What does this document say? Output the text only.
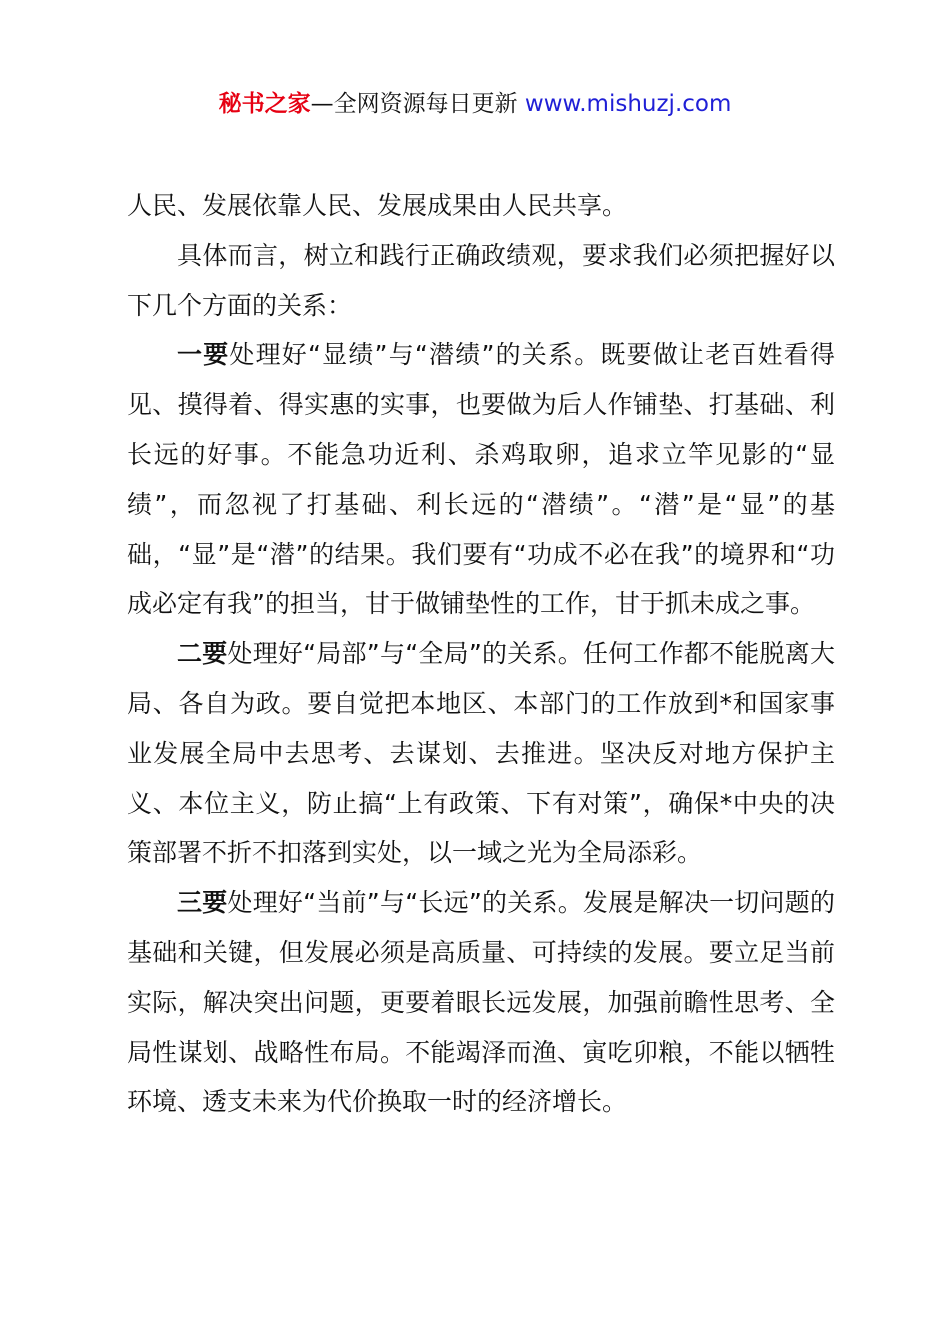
秘书之家—全网资源每日更新 www.mishuzj.com

人民、发展依靠人民、发展成果由人民共享。

具体而言，树立和践行正确政绩观，要求我们必须把握好以下几个方面的关系：

一要处理好“显绩”与“潜绩”的关系。既要做让老百姓看得见、摸得着、得实惠的实事，也要做为后人作铺垫、打基础、利长远的好事。不能急功近利、杀鸡取卵，追求立竿见影的“显绩”，而忽视了打基础、利长远的“潜绩”。“潜”是“显”的基础，“显”是“潜”的结果。我们要有“功成不必在我”的境界和“功成必定有我”的担当，甘于做铺垫性的工作，甘于抓未成之事。

二要处理好“局部”与“全局”的关系。任何工作都不能脱离大局、各自为政。要自觉把本地区、本部门的工作放到*和国家事业发展全局中去思考、去谋划、去推进。坚决反对地方保护主义、本位主义，防止搞“上有政策、下有对策”，确保*中央的决策部署不折不扣落到实处，以一域之光为全局添彩。

三要处理好“当前”与“长远”的关系。发展是解决一切问题的基础和关键，但发展必须是高质量、可持续的发展。要立足当前实际，解决突出问题，更要着眼长远发展，加强前瞻性思考、全局性谋划、战略性布局。不能竭泽而渔、寅吃卯粮，不能以牺牲环境、透支未来为代价换取一时的经济增长。
